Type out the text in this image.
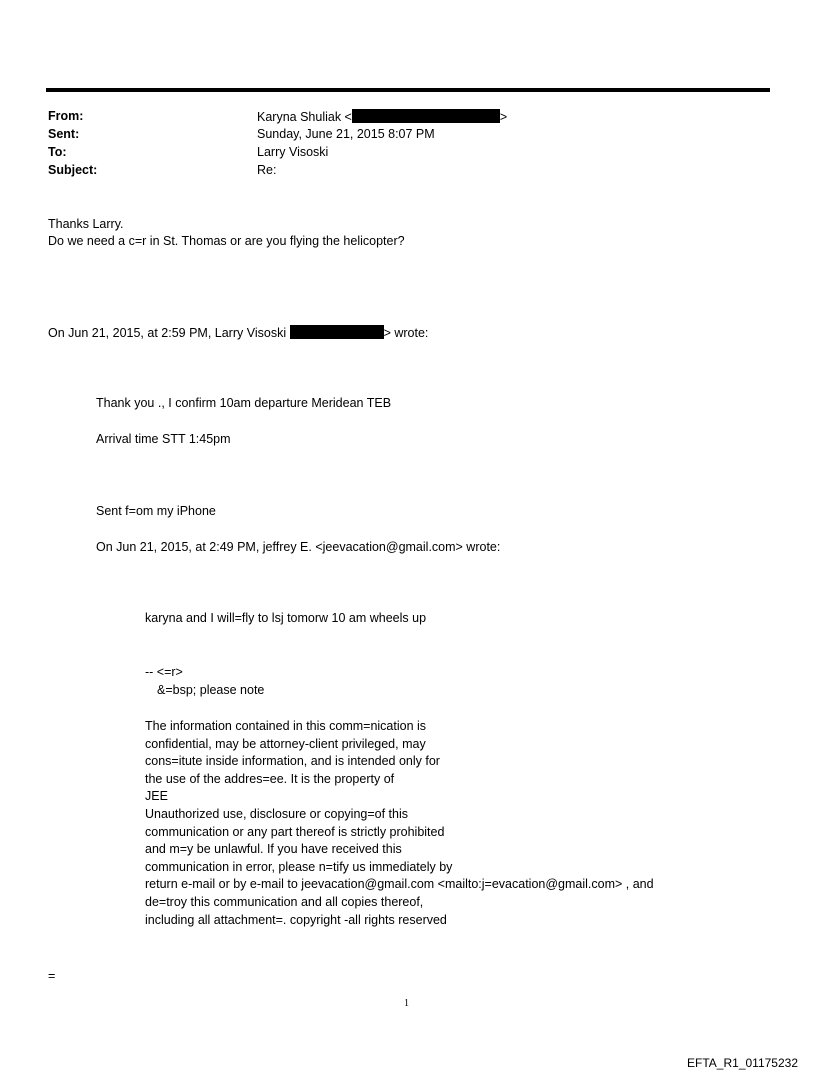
From:	Karyna Shuliak <	>
Sent:	Sunday, June 21, 2015 8:07 PM
To:	Larry Visoski
Subject:	Re:
Thanks Larry.
Do we need a c=r in St. Thomas or are you flying the helicopter?
On Jun 21, 2015, at 2:59 PM, Larry Visoski	> wrote:
Thank you ., I confirm 10am departure Meridean TEB
Arrival time STT 1:45pm
Sent f=om my iPhone
On Jun 21, 2015, at 2:49 PM, jeffrey E. <jeevacation@gmail.com> wrote:
karyna and I will=fly to lsj tomorw 10 am wheels up
-- <=r>
&=bsp; please note
The information contained in this comm=nication is
confidential, may be attorney-client privileged, may
cons=itute inside information, and is intended only for
the use of the addres=ee. It is the property of
JEE
Unauthorized use, disclosure or copying=of this
communication or any part thereof is strictly prohibited
and m=y be unlawful. If you have received this
communication in error, please n=tify us immediately by
return e-mail or by e-mail to jeevacation@gmail.com <mailto:j=evacation@gmail.com> , and
de=troy this communication and all copies thereof,
including all attachment=. copyright -all rights reserved
=
1
EFTA_R1_01175232
